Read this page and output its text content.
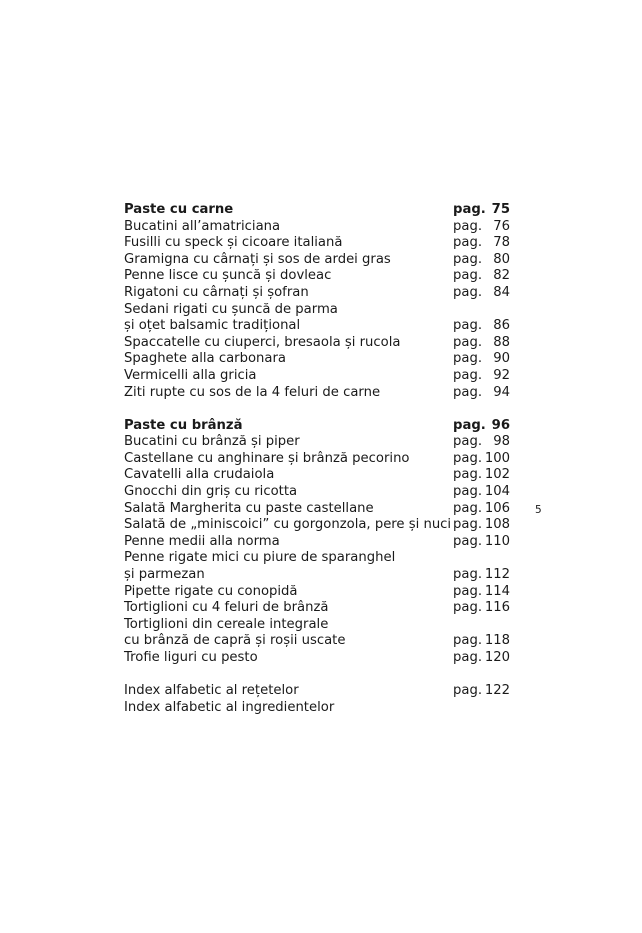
Paste cu carne	pag. 75
Bucatini all’amatriciana	pag. 76
Fusilli cu speck și cicoare italiană	pag. 78
Gramigna cu cârnați și sos de ardei gras	pag. 80
Penne lisce cu șuncă și dovleac	pag. 82
Rigatoni cu cârnați și șofran	pag. 84
Sedani rigati cu șuncă de parma
și oțet balsamic tradițional	pag. 86
Spaccatelle cu ciuperci, bresaola și rucola	pag. 88
Spaghete alla carbonara	pag. 90
Vermicelli alla gricia	pag. 92
Ziti rupte cu sos de la 4 feluri de carne	pag. 94
Paste cu brânză	pag. 96
Bucatini cu brânză și piper	pag. 98
Castellane cu anghinare și brânză pecorino	pag. 100
Cavatelli alla crudaiola	pag. 102
Gnocchi din griș cu ricotta	pag. 104
Salată Margherita cu paste castellane	pag. 106
Salată de „miniscoici” cu gorgonzola, pere și nuci pag. 108
Penne medii alla norma	pag. 110
Penne rigate mici cu piure de sparanghel
și parmezan	pag. 112
Pipette rigate cu conopidă	pag. 114
Tortiglioni cu 4 feluri de brânză	pag. 116
Tortiglioni din cereale integrale
cu brânză de capră și roșii uscate	pag. 118
Trofie liguri cu pesto	pag. 120
Index alfabetic al rețetelor	pag. 122
Index alfabetic al ingredientelor
5
